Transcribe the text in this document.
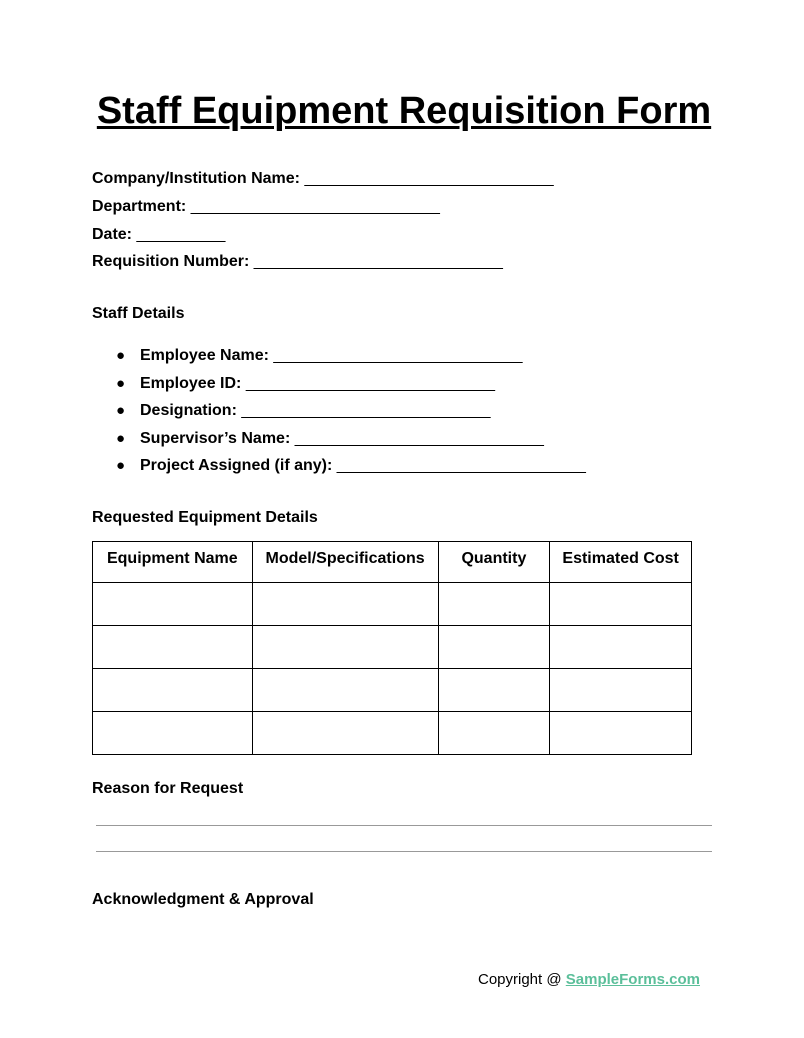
Staff Equipment Requisition Form
Company/Institution Name: ____________________________
Department: ____________________________
Date: __________
Requisition Number: ____________________________
Staff Details
● Employee Name: ____________________________
● Employee ID: ____________________________
● Designation: ____________________________
● Supervisor’s Name: ____________________________
● Project Assigned (if any): ____________________________
Requested Equipment Details
Equipment Name	Model/Specifications	Quantity	Estimated Cost

Reason for Request
Acknowledgment & Approval
Copyright @ SampleForms.com
